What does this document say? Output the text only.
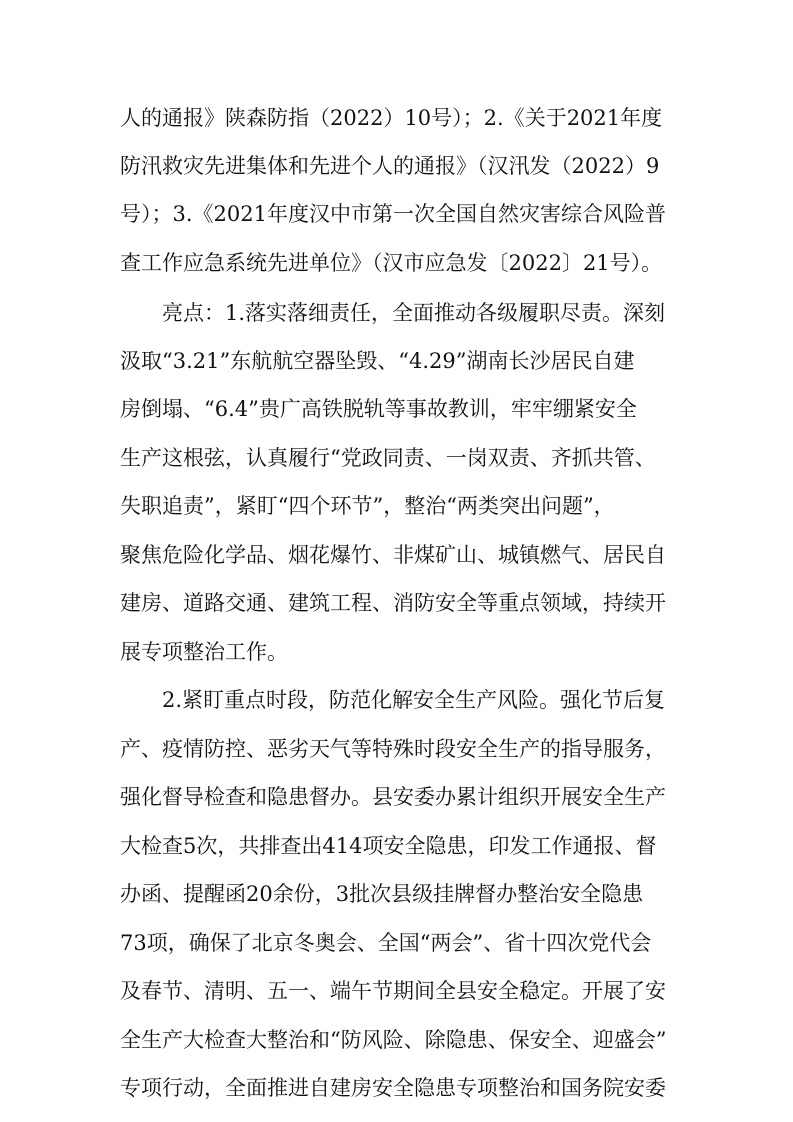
人的通报》陕森防指（2022）10号）；2.《关于2021年度
防汛救灾先进集体和先进个人的通报》（汉汛发（2022）9
号）；3.《2021年度汉中市第一次全国自然灾害综合风险普
查工作应急系统先进单位》（汉市应急发〔2022〕21号）。
亮点：1.落实落细责任，全面推动各级履职尽责。深刻
汲取“3.21”东航航空器坠毁、“4.29”湖南长沙居民自建
房倒塌、“6.4”贵广高铁脱轨等事故教训，牢牢绷紧安全
生产这根弦，认真履行“党政同责、一岗双责、齐抓共管、
失职追责”，紧盯“四个环节”，整治“两类突出问题”，
聚焦危险化学品、烟花爆竹、非煤矿山、城镇燃气、居民自
建房、道路交通、建筑工程、消防安全等重点领域，持续开
展专项整治工作。
2.紧盯重点时段，防范化解安全生产风险。强化节后复
产、疫情防控、恶劣天气等特殊时段安全生产的指导服务，
强化督导检查和隐患督办。县安委办累计组织开展安全生产
大检查5次，共排查出414项安全隐患，印发工作通报、督
办函、提醒函20余份，3批次县级挂牌督办整治安全隐患
73项，确保了北京冬奥会、全国“两会”、省十四次党代会
及春节、清明、五一、端午节期间全县安全稳定。开展了安
全生产大检查大整治和“防风险、除隐患、保安全、迎盛会”
专项行动，全面推进自建房安全隐患专项整治和国务院安委
